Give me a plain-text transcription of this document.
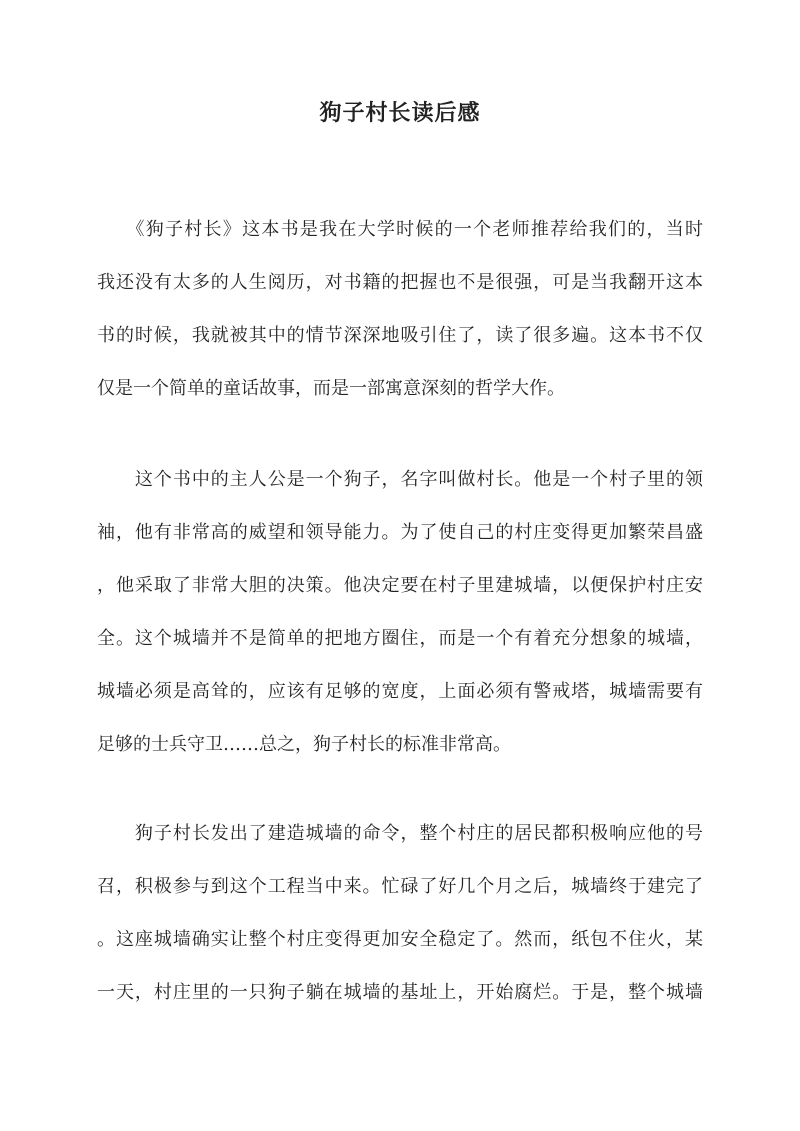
狗子村长读后感
　　《狗子村长》这本书是我在大学时候的一个老师推荐给我们的，当时
我还没有太多的人生阅历，对书籍的把握也不是很强，可是当我翻开这本
书的时候，我就被其中的情节深深地吸引住了，读了很多遍。这本书不仅
仅是一个简单的童话故事，而是一部寓意深刻的哲学大作。
　　这个书中的主人公是一个狗子，名字叫做村长。他是一个村子里的领
袖，他有非常高的威望和领导能力。为了使自己的村庄变得更加繁荣昌盛
，他采取了非常大胆的决策。他决定要在村子里建城墙，以便保护村庄安
全。这个城墙并不是简单的把地方圈住，而是一个有着充分想象的城墙，
城墙必须是高耸的，应该有足够的宽度，上面必须有警戒塔，城墙需要有
足够的士兵守卫……总之，狗子村长的标准非常高。
　　狗子村长发出了建造城墙的命令，整个村庄的居民都积极响应他的号
召，积极参与到这个工程当中来。忙碌了好几个月之后，城墙终于建完了
。这座城墙确实让整个村庄变得更加安全稳定了。然而，纸包不住火，某
一天，村庄里的一只狗子躺在城墙的基址上，开始腐烂。于是，整个城墙
